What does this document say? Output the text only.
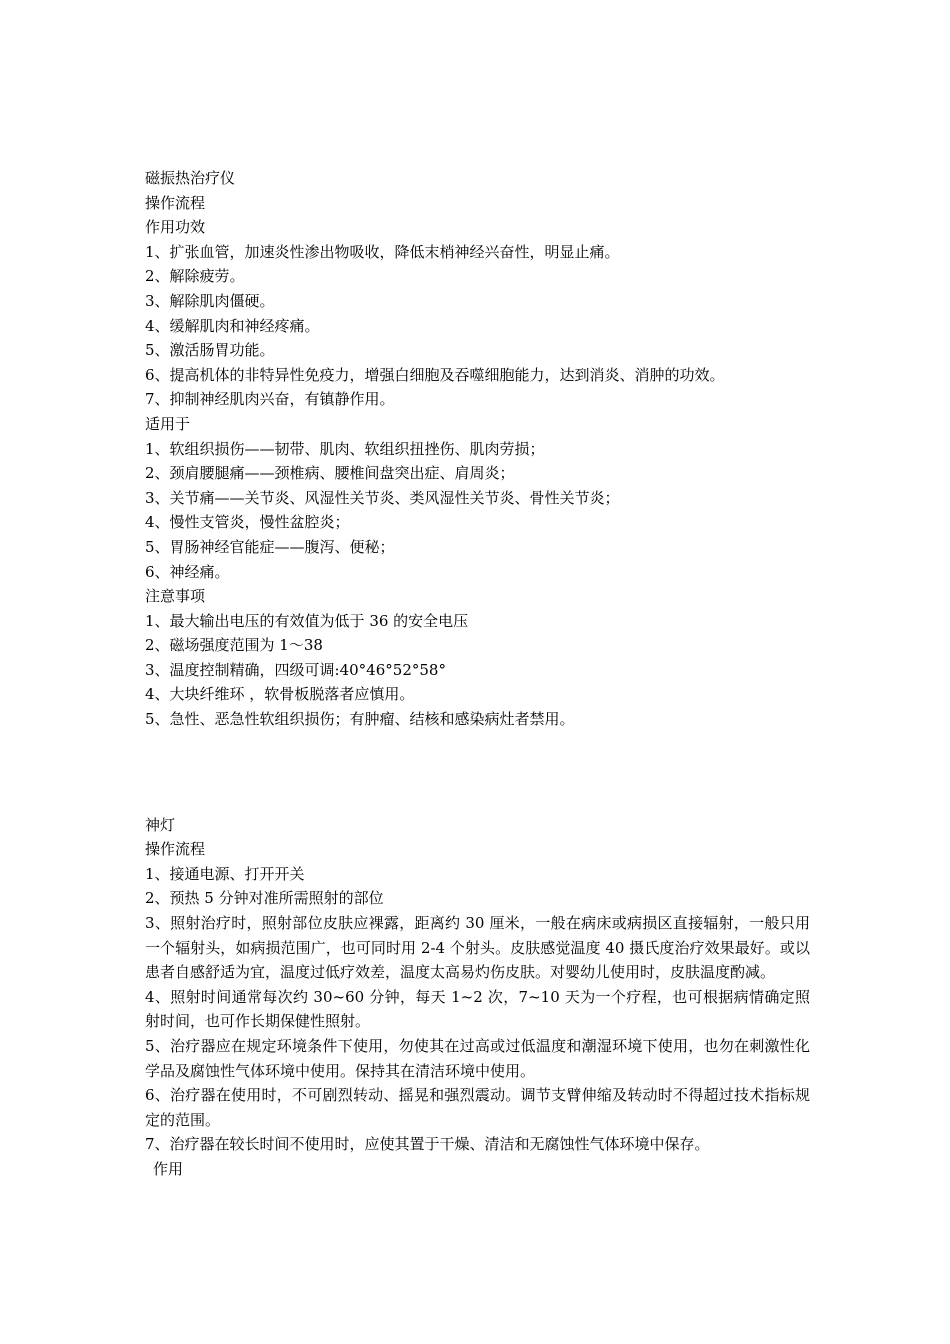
磁振热治疗仪
操作流程
作用功效
1、扩张血管，加速炎性渗出物吸收，降低末梢神经兴奋性，明显止痛。
2、解除疲劳。
3、解除肌肉僵硬。
4、缓解肌肉和神经疼痛。
5、激活肠胃功能。
6、提高机体的非特异性免疫力，增强白细胞及吞噬细胞能力，达到消炎、消肿的功效。
7、抑制神经肌肉兴奋，有镇静作用。
适用于
1、软组织损伤——韧带、肌肉、软组织扭挫伤、肌肉劳损；
2、颈肩腰腿痛——颈椎病、腰椎间盘突出症、肩周炎；
3、关节痛——关节炎、风湿性关节炎、类风湿性关节炎、骨性关节炎；
4、慢性支管炎，慢性盆腔炎；
5、胃肠神经官能症——腹泻、便秘；
6、神经痛。
注意事项
1、最大输出电压的有效值为低于 36 的安全电压
2、磁场强度范围为 1～38
3、温度控制精确，四级可调:40°46°52°58°
4、大块纤维环 ，软骨板脱落者应慎用。
5、急性、恶急性软组织损伤；有肿瘤、结核和感染病灶者禁用。
神灯
操作流程
1、接通电源、打开开关
2、预热 5 分钟对准所需照射的部位
3、照射治疗时，照射部位皮肤应裸露，距离约 30 厘米，一般在病床或病损区直接辐射，一般只用一个辐射头，如病损范围广，也可同时用 2-4 个射头。皮肤感觉温度 40 摄氏度治疗效果最好。或以患者自感舒适为宜，温度过低疗效差，温度太高易灼伤皮肤。对婴幼儿使用时，皮肤温度酌减。
4、照射时间通常每次约 30~60 分钟，每天 1~2 次，7~10 天为一个疗程，也可根据病情确定照射时间，也可作长期保健性照射。
5、治疗器应在规定环境条件下使用，勿使其在过高或过低温度和潮湿环境下使用，也勿在刺激性化学品及腐蚀性气体环境中使用。保持其在清洁环境中使用。
6、治疗器在使用时，不可剧烈转动、摇晃和强烈震动。调节支臂伸缩及转动时不得超过技术指标规定的范围。
7、治疗器在较长时间不使用时，应使其置于干燥、清洁和无腐蚀性气体环境中保存。
作用
